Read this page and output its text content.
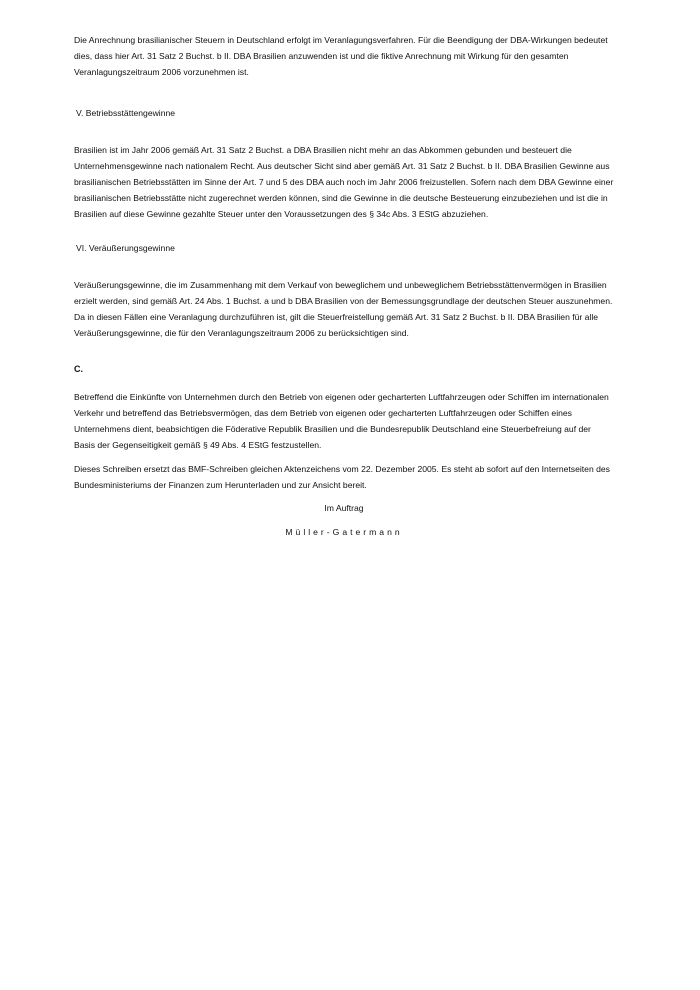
Die Anrechnung brasilianischer Steuern in Deutschland erfolgt im Veranlagungsverfahren. Für die Beendigung der DBA-Wirkungen bedeutet dies, dass hier Art. 31 Satz 2 Buchst. b II. DBA Brasilien anzuwenden ist und die fiktive Anrechnung mit Wirkung für den gesamten Veranlagungszeitraum 2006 vorzunehmen ist.

V. Betriebsstättengewinne

Brasilien ist im Jahr 2006 gemäß Art. 31 Satz 2 Buchst. a DBA Brasilien nicht mehr an das Abkommen gebunden und besteuert die Unternehmensgewinne nach nationalem Recht. Aus deutscher Sicht sind aber gemäß Art. 31 Satz 2 Buchst. b II. DBA Brasilien Gewinne aus brasilianischen Betriebsstätten im Sinne der Art. 7 und 5 des DBA auch noch im Jahr 2006 freizustellen. Sofern nach dem DBA Gewinne einer brasilianischen Betriebsstätte nicht zugerechnet werden können, sind die Gewinne in die deutsche Besteuerung einzubeziehen und ist die in Brasilien auf diese Gewinne gezahlte Steuer unter den Voraussetzungen des § 34c Abs. 3 EStG abzuziehen.

VI. Veräußerungsgewinne

Veräußerungsgewinne, die im Zusammenhang mit dem Verkauf von beweglichem und unbeweglichem Betriebsstättenvermögen in Brasilien erzielt werden, sind gemäß Art. 24 Abs. 1 Buchst. a und b DBA Brasilien von der Bemessungsgrundlage der deutschen Steuer auszunehmen. Da in diesen Fällen eine Veranlagung durchzuführen ist, gilt die Steuerfreistellung gemäß Art. 31 Satz 2 Buchst. b II. DBA Brasilien für alle Veräußerungsgewinne, die für den Veranlagungszeitraum 2006 zu berücksichtigen sind.

C.

Betreffend die Einkünfte von Unternehmen durch den Betrieb von eigenen oder gecharterten Luftfahrzeugen oder Schiffen im internationalen Verkehr und betreffend das Betriebsvermögen, das dem Betrieb von eigenen oder gecharterten Luftfahrzeugen oder Schiffen eines Unternehmens dient, beabsichtigen die Föderative Republik Brasilien und die Bundesrepublik Deutschland eine Steuerbefreiung auf der Basis der Gegenseitigkeit gemäß § 49 Abs. 4 EStG festzustellen.

Dieses Schreiben ersetzt das BMF-Schreiben gleichen Aktenzeichens vom 22. Dezember 2005. Es steht ab sofort auf den Internetseiten des Bundesministeriums der Finanzen zum Herunterladen und zur Ansicht bereit.

Im Auftrag

Müller-Gatermann
